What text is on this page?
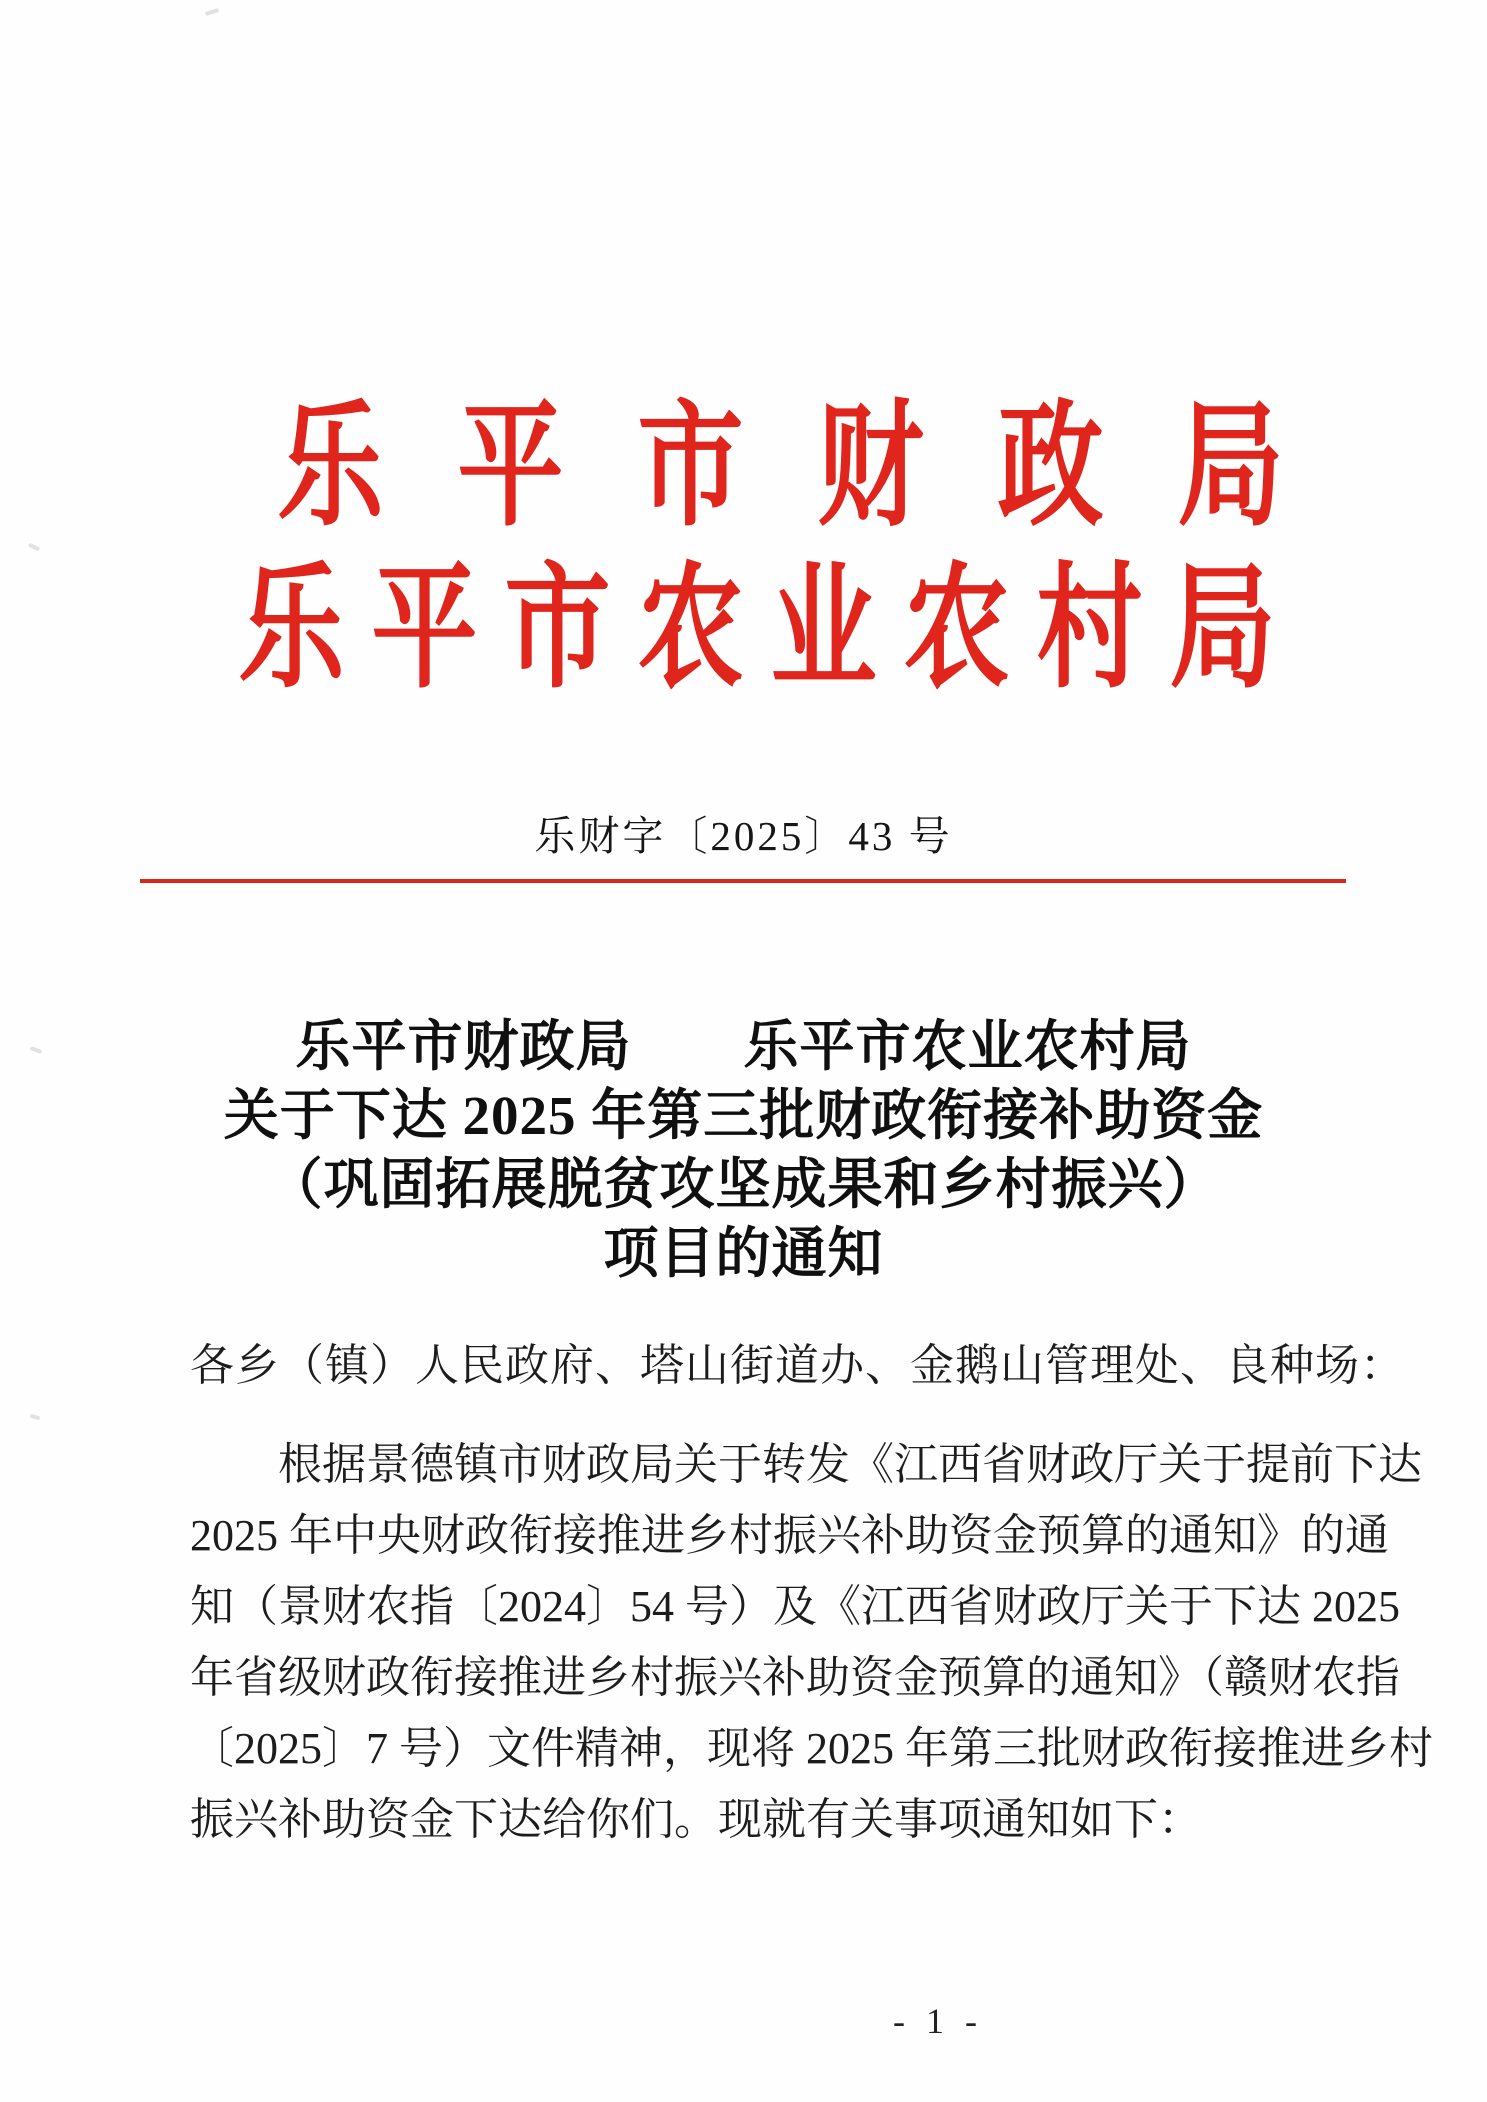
乐平市财政局
乐平市农业农村局
乐财字〔2025〕43 号
乐平市财政局　　乐平市农业农村局
关于下达 2025 年第三批财政衔接补助资金
（巩固拓展脱贫攻坚成果和乡村振兴）
项目的通知
各乡（镇）人民政府、塔山街道办、金鹅山管理处、良种场：
根据景德镇市财政局关于转发《江西省财政厅关于提前下达
2025 年中央财政衔接推进乡村振兴补助资金预算的通知》的通
知（景财农指〔2024〕54 号）及《江西省财政厅关于下达 2025
年省级财政衔接推进乡村振兴补助资金预算的通知》（赣财农指
〔2025〕7 号）文件精神，现将 2025 年第三批财政衔接推进乡村
振兴补助资金下达给你们。现就有关事项通知如下：
- 1 -
